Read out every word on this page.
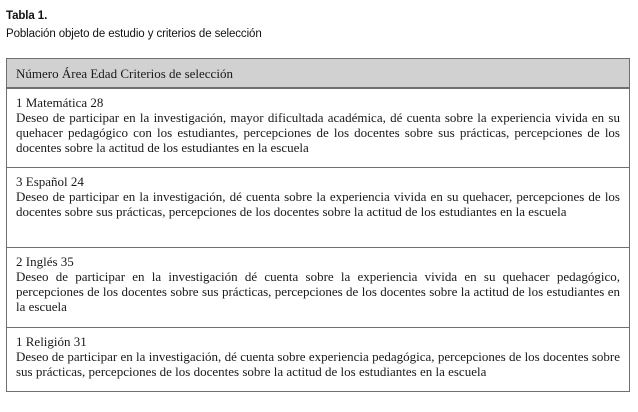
Tabla 1.
Población objeto de estudio y criterios de selección
Número Área Edad Criterios de selección
1 Matemática 28
Deseo de participar en la investigación, mayor dificultada académica, dé cuenta sobre la experiencia vivida en su quehacer pedagógico con los estudiantes, percepciones de los docentes sobre sus prácticas, percepciones de los docentes sobre la actitud de los estudiantes en la escuela
3 Español 24
Deseo de participar en la investigación, dé cuenta sobre la experiencia vivida en su quehacer, percepciones de los docentes sobre sus prácticas, percepciones de los docentes sobre la actitud de los estudiantes en la escuela
2 Inglés 35
Deseo de participar en la investigación dé cuenta sobre la experiencia vivida en su quehacer pedagógico, percepciones de los docentes sobre sus prácticas, percepciones de los docentes sobre la actitud de los estudiantes en la escuela
1 Religión 31
Deseo de participar en la investigación, dé cuenta sobre experiencia pedagógica, percepciones de los docentes sobre sus prácticas, percepciones de los docentes sobre la actitud de los estudiantes en la escuela
